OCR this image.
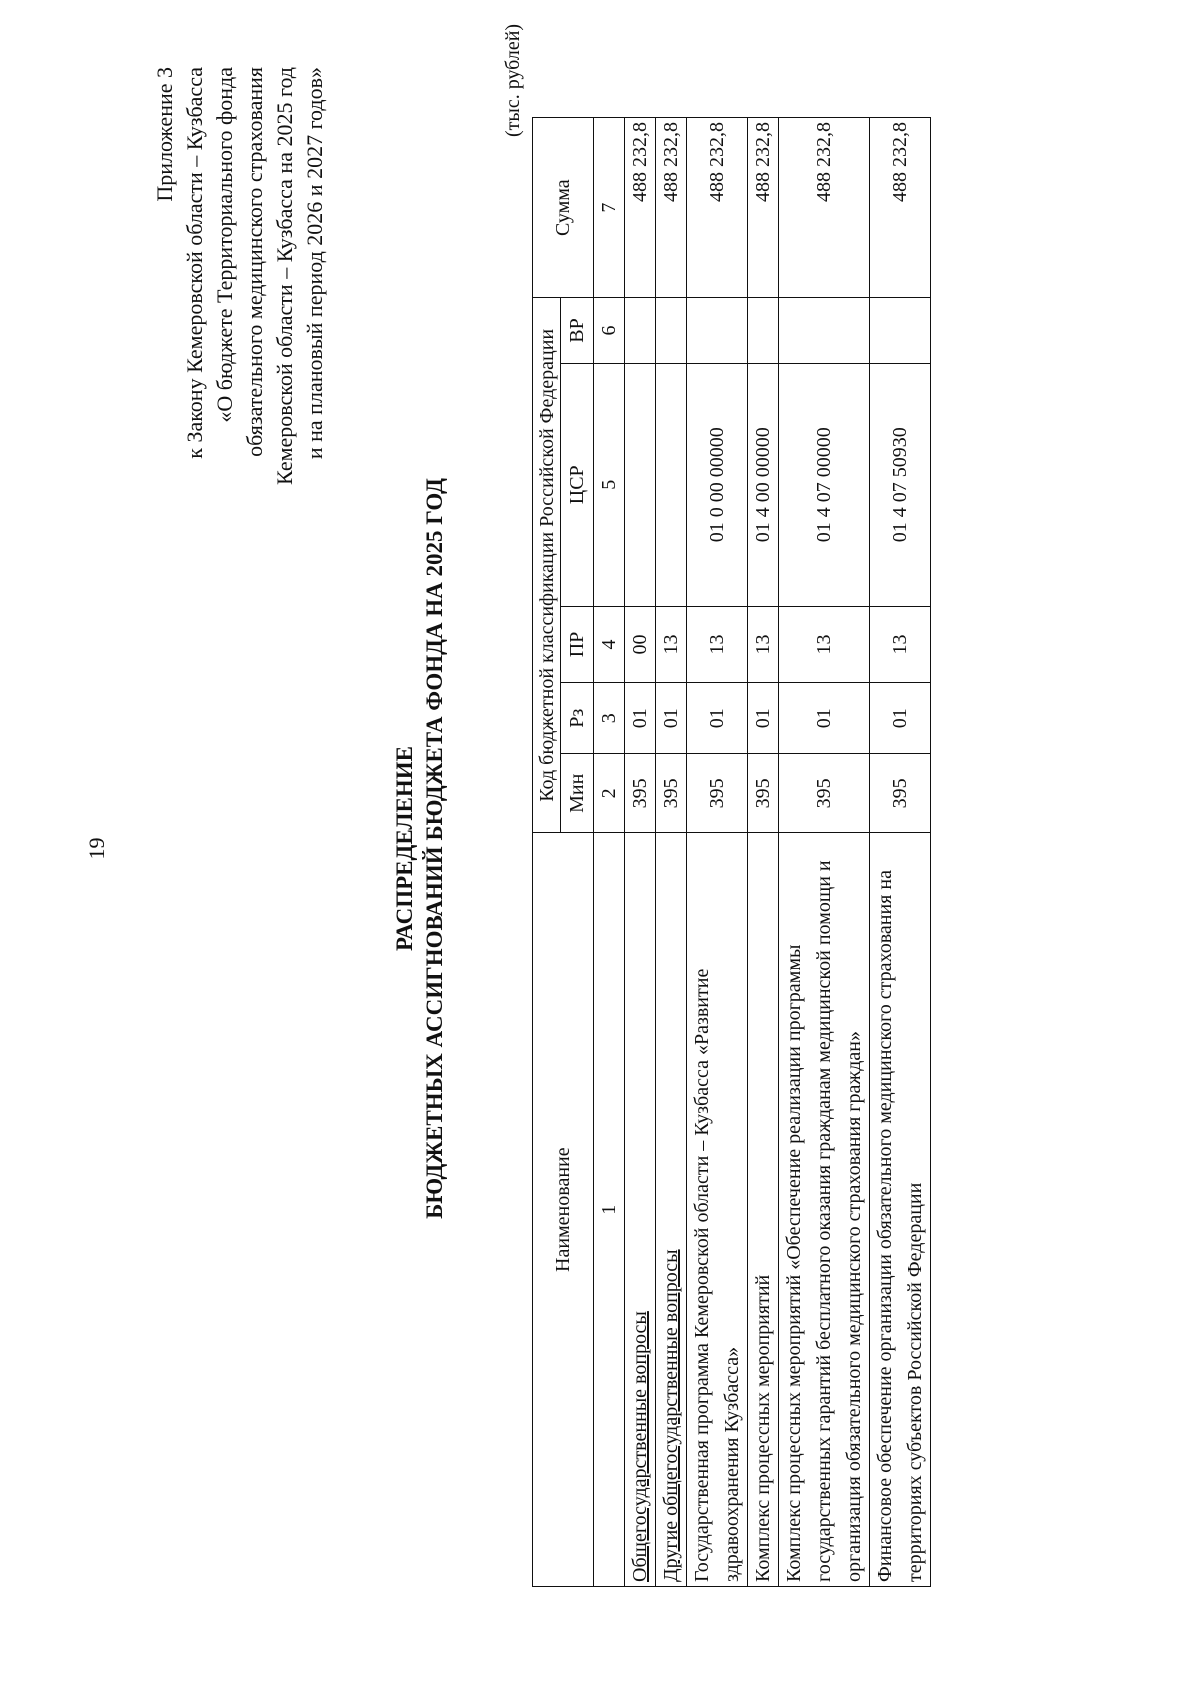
19
Приложение 3 к Закону Кемеровской области – Кузбасса «О бюджете Территориального фонда обязательного медицинского страхования Кемеровской области – Кузбасса на 2025 год и на плановый период 2026 и 2027 годов»
РАСПРЕДЕЛЕНИЕ БЮДЖЕТНЫХ АССИГНОВАНИЙ БЮДЖЕТА ФОНДА НА 2025 ГОД
(тыс. рублей)
Наименование	Код бюджетной классификации Российской Федерации					Сумма
	Мин	Рз	ПР	ЦСР	ВР	
1	2	3	4	5	6	7
Общегосударственные вопросы	395	01	00			488 232,8
Другие общегосударственные вопросы	395	01	13			488 232,8
Государственная программа Кемеровской области – Кузбасса «Развитие здравоохранения Кузбасса»	395	01	13	01 0 00 00000		488 232,8
Комплекс процессных мероприятий	395	01	13	01 4 00 00000		488 232,8
Комплекс процессных мероприятий «Обеспечение реализации программы государственных гарантий бесплатного оказания гражданам медицинской помощи и организация обязательного медицинского страхования граждан»	395	01	13	01 4 07 00000		488 232,8
Финансовое обеспечение организации обязательного медицинского страхования на территориях субъектов Российской Федерации	395	01	13	01 4 07 50930		488 232,8
